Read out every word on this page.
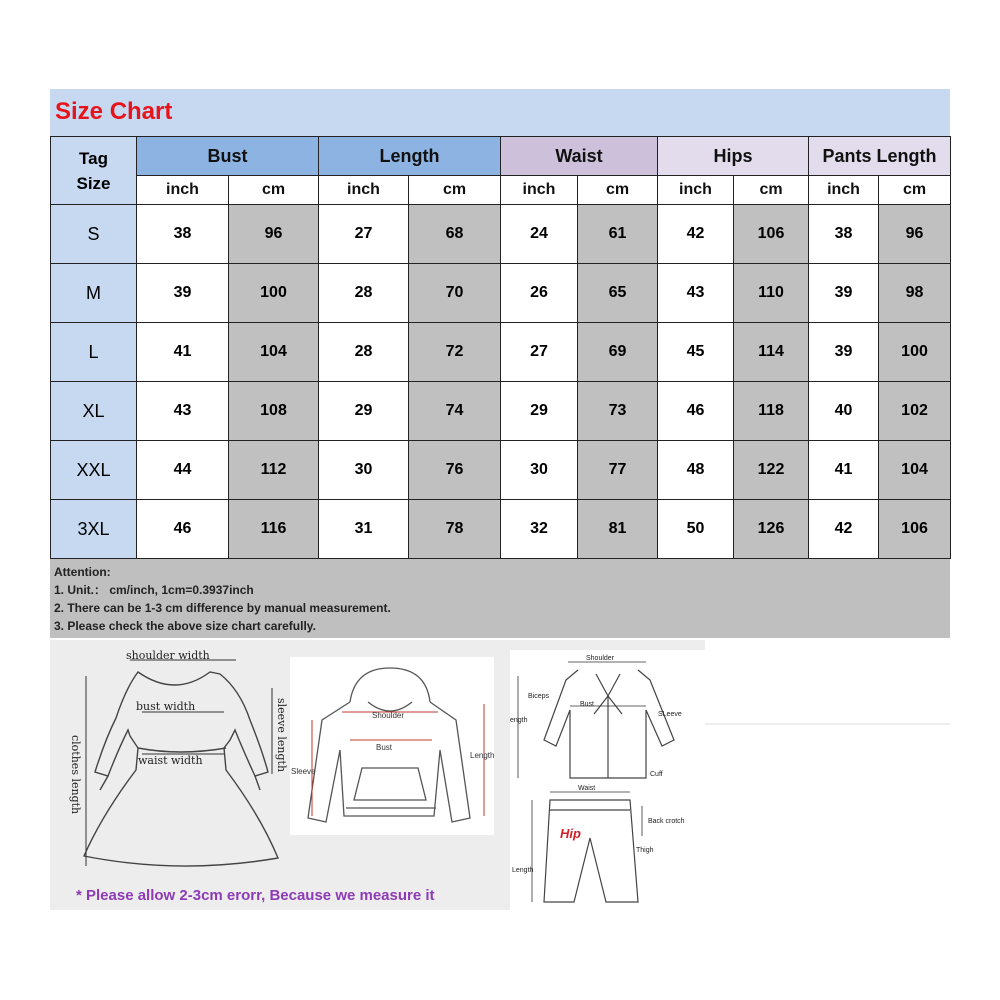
Size Chart
Tag
Size	Bust		Length		Waist		Hips		Pants Length	
	inch	cm	inch	cm	inch	cm	inch	cm	inch	cm
S	38	96	27	68	24	61	42	106	38	96
M	39	100	28	70	26	65	43	110	39	98
L	41	104	28	72	27	69	45	114	39	100
XL	43	108	29	74	29	73	46	118	40	102
XXL	44	112	30	76	30	77	48	122	41	104
3XL	46	116	31	78	32	81	50	126	42	106
Attention:
1. Unit.： cm/inch, 1cm=0.3937inch
2. There can be 1-3 cm difference by manual measurement.
3. Please check the above size chart carefully.
shoulder width
bust width
waist width
clothes length	sleeve length	Shoulder
Bust
Length
Sleeve
Shoulder
Biceps
Bust
SLeeve
Cuff
ength
Waist
Hip
Back crotch
Thigh
Length
* Please allow 2-3cm erorr, Because we measure it
